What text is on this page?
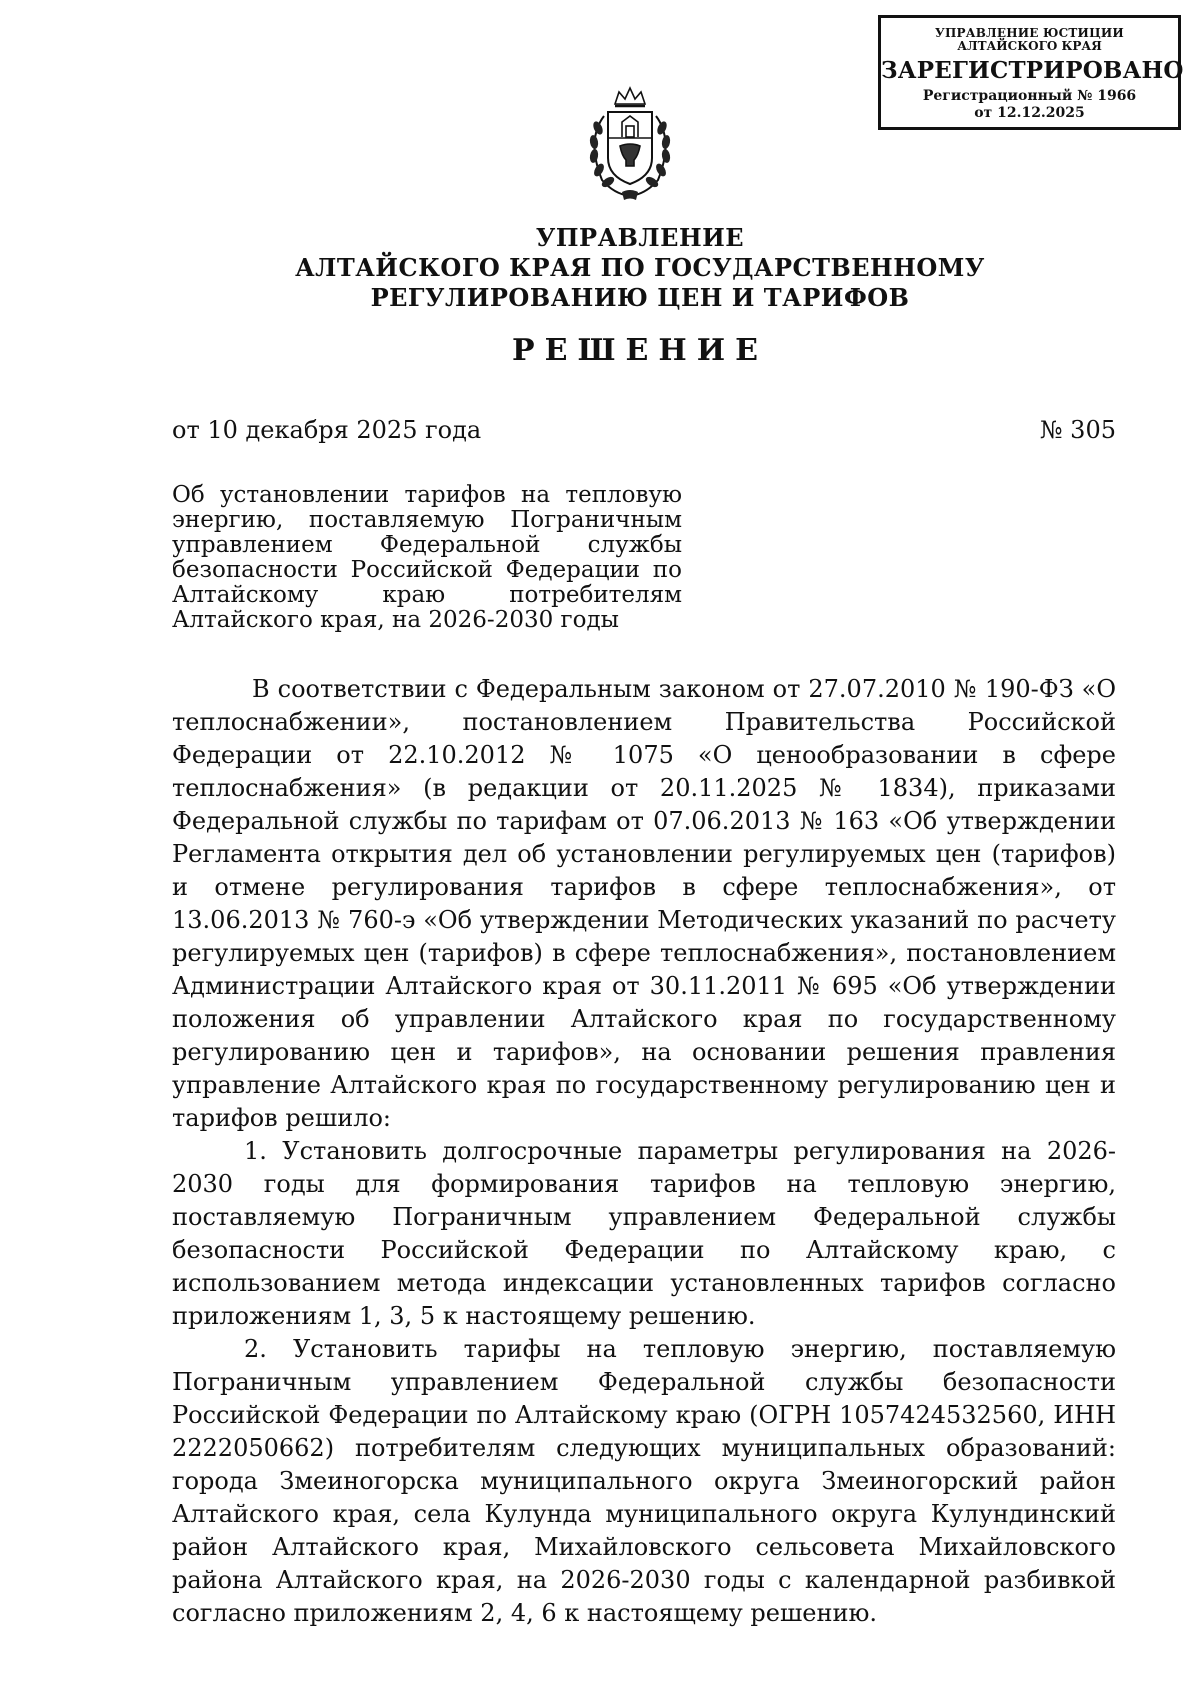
УПРАВЛЕНИЕ ЮСТИЦИИ
АЛТАЙСКОГО КРАЯ
ЗАРЕГИСТРИРОВАНО
Регистрационный № 1966
от 12.12.2025
УПРАВЛЕНИЕ
АЛТАЙСКОГО КРАЯ ПО ГОСУДАРСТВЕННОМУ
РЕГУЛИРОВАНИЮ ЦЕН И ТАРИФОВ
РЕШЕНИЕ
от 10 декабря 2025 года	№ 305
Об установлении тарифов на тепловую
энергию, поставляемую Пограничным
управлением Федеральной службы
безопасности Российской Федерации по
Алтайскому краю потребителям
Алтайского края, на 2026-2030 годы

В соответствии с Федеральным законом от 27.07.2010 № 190-ФЗ «О теплоснабжении», постановлением Правительства Российской Федерации от 22.10.2012 № 1075 «О ценообразовании в сфере теплоснабжения» (в редакции от 20.11.2025 № 1834), приказами Федеральной службы по тарифам от 07.06.2013 № 163 «Об утверждении Регламента открытия дел об установлении регулируемых цен (тарифов) и отмене регулирования тарифов в сфере теплоснабжения», от 13.06.2013 № 760-э «Об утверждении Методических указаний по расчету регулируемых цен (тарифов) в сфере теплоснабжения», постановлением Администрации Алтайского края от 30.11.2011 № 695 «Об утверждении положения об управлении Алтайского края по государственному регулированию цен и тарифов», на основании решения правления управление Алтайского края по государственному регулированию цен и тарифов решило:

1. Установить долгосрочные параметры регулирования на 2026-2030 годы для формирования тарифов на тепловую энергию, поставляемую Пограничным управлением Федеральной службы безопасности Российской Федерации по Алтайскому краю, с использованием метода индексации установленных тарифов согласно приложениям 1, 3, 5 к настоящему решению.

2. Установить тарифы на тепловую энергию, поставляемую Пограничным управлением Федеральной службы безопасности Российской Федерации по Алтайскому краю (ОГРН 1057424532560, ИНН 2222050662) потребителям следующих муниципальных образований: города Змеиногорска муниципального округа Змеиногорский район Алтайского края, села Кулунда муниципального округа Кулундинский район Алтайского края, Михайловского сельсовета Михайловского района Алтайского края, на 2026-2030 годы с календарной разбивкой согласно приложениям 2, 4, 6 к настоящему решению.
